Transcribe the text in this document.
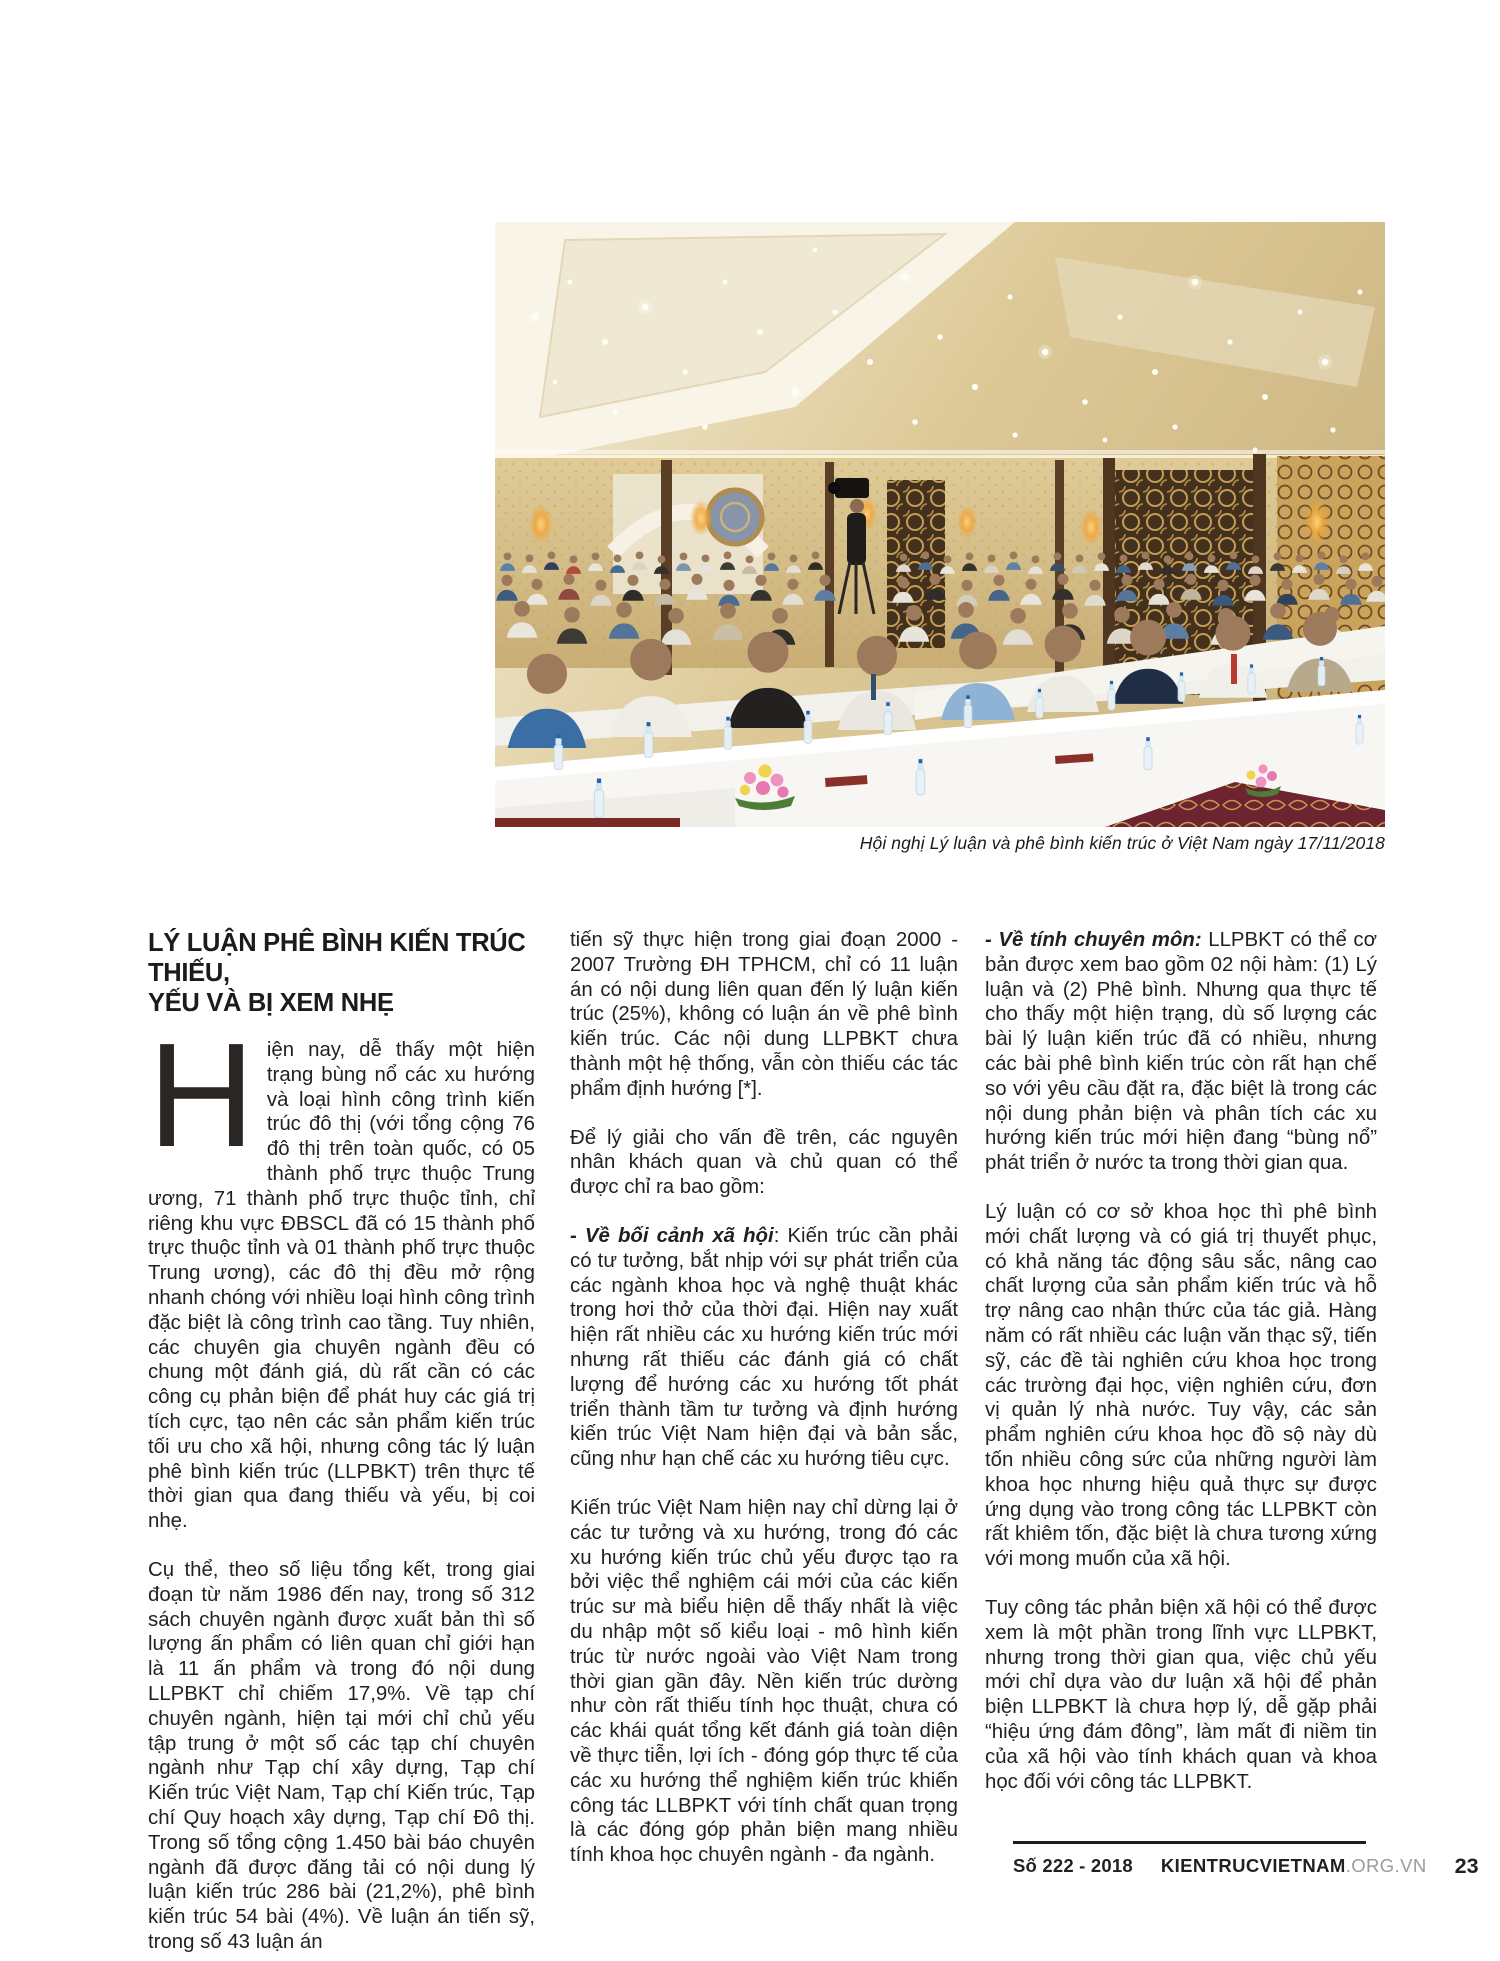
Hội nghị Lý luận và phê bình kiến trúc ở Việt Nam ngày 17/11/2018
LÝ LUẬN PHÊ BÌNH KIẾN TRÚC THIẾU,
YẾU VÀ BỊ XEM NHẸ

H iện nay, dễ thấy một hiện trạng bùng nổ các xu hướng và loại hình công trình kiến trúc đô thị (với tổng cộng 76 đô thị trên toàn quốc, có 05 thành phố trực thuộc Trung ương, 71 thành phố trực thuộc tỉnh, chỉ riêng khu vực ĐBSCL đã có 15 thành phố trực thuộc tỉnh và 01 thành phố trực thuộc Trung ương), các đô thị đều mở rộng nhanh chóng với nhiều loại hình công trình đặc biệt là công trình cao tầng. Tuy nhiên, các chuyên gia chuyên ngành đều có chung một đánh giá, dù rất cần có các công cụ phản biện để phát huy các giá trị tích cực, tạo nên các sản phẩm kiến trúc tối ưu cho xã hội, nhưng công tác lý luận phê bình kiến trúc (LLPBKT) trên thực tế thời gian qua đang thiếu và yếu, bị coi nhẹ.

Cụ thể, theo số liệu tổng kết, trong giai đoạn từ năm 1986 đến nay, trong số 312 sách chuyên ngành được xuất bản thì số lượng ấn phẩm có liên quan chỉ giới hạn là 11 ấn phẩm và trong đó nội dung LLPBKT chỉ chiếm 17,9%. Về tạp chí chuyên ngành, hiện tại mới chỉ chủ yếu tập trung ở một số các tạp chí chuyên ngành như Tạp chí xây dựng, Tạp chí Kiến trúc Việt Nam, Tạp chí Kiến trúc, Tạp chí Quy hoạch xây dựng, Tạp chí Đô thị. Trong số tổng cộng 1.450 bài báo chuyên ngành đã được đăng tải có nội dung lý luận kiến trúc 286 bài (21,2%), phê bình kiến trúc 54 bài (4%). Về luận án tiến sỹ, trong số 43 luận án

tiến sỹ thực hiện trong giai đoạn 2000 - 2007 Trường ĐH TPHCM, chỉ có 11 luận án có nội dung liên quan đến lý luận kiến trúc (25%), không có luận án về phê bình kiến trúc. Các nội dung LLPBKT chưa thành một hệ thống, vẫn còn thiếu các tác phẩm định hướng [*].

Để lý giải cho vấn đề trên, các nguyên nhân khách quan và chủ quan có thể được chỉ ra bao gồm:

- Về bối cảnh xã hội: Kiến trúc cần phải có tư tưởng, bắt nhịp với sự phát triển của các ngành khoa học và nghệ thuật khác trong hơi thở của thời đại. Hiện nay xuất hiện rất nhiều các xu hướng kiến trúc mới nhưng rất thiếu các đánh giá có chất lượng để hướng các xu hướng tốt phát triển thành tầm tư tưởng và định hướng kiến trúc Việt Nam hiện đại và bản sắc, cũng như hạn chế các xu hướng tiêu cực.

Kiến trúc Việt Nam hiện nay chỉ dừng lại ở các tư tưởng và xu hướng, trong đó các xu hướng kiến trúc chủ yếu được tạo ra bởi việc thể nghiệm cái mới của các kiến trúc sư mà biểu hiện dễ thấy nhất là việc du nhập một số kiểu loại - mô hình kiến trúc từ nước ngoài vào Việt Nam trong thời gian gần đây. Nền kiến trúc dường như còn rất thiếu tính học thuật, chưa có các khái quát tổng kết đánh giá toàn diện về thực tiễn, lợi ích - đóng góp thực tế của các xu hướng thể nghiệm kiến trúc khiến công tác LLBPKT với tính chất quan trọng là các đóng góp phản biện mang nhiều tính khoa học chuyên ngành - đa ngành.

- Về tính chuyên môn: LLPBKT có thể cơ bản được xem bao gồm 02 nội hàm: (1) Lý luận và (2) Phê bình. Nhưng qua thực tế cho thấy một hiện trạng, dù số lượng các bài lý luận kiến trúc đã có nhiều, nhưng các bài phê bình kiến trúc còn rất hạn chế so với yêu cầu đặt ra, đặc biệt là trong các nội dung phản biện và phân tích các xu hướng kiến trúc mới hiện đang “bùng nổ” phát triển ở nước ta trong thời gian qua.

Lý luận có cơ sở khoa học thì phê bình mới chất lượng và có giá trị thuyết phục, có khả năng tác động sâu sắc, nâng cao chất lượng của sản phẩm kiến trúc và hỗ trợ nâng cao nhận thức của tác giả. Hàng năm có rất nhiều các luận văn thạc sỹ, tiến sỹ, các đề tài nghiên cứu khoa học trong các trường đại học, viện nghiên cứu, đơn vị quản lý nhà nước. Tuy vậy, các sản phẩm nghiên cứu khoa học đồ sộ này dù tốn nhiều công sức của những người làm khoa học nhưng hiệu quả thực sự được ứng dụng vào trong công tác LLPBKT còn rất khiêm tốn, đặc biệt là chưa tương xứng với mong muốn của xã hội.

Tuy công tác phản biện xã hội có thể được xem là một phần trong lĩnh vực LLPBKT, nhưng trong thời gian qua, việc chủ yếu mới chỉ dựa vào dư luận xã hội để phản biện LLPBKT là chưa hợp lý, dễ gặp phải “hiệu ứng đám đông”, làm mất đi niềm tin của xã hội vào tính khách quan và khoa học đối với công tác LLPBKT.

Số 222 - 2018 KIENTRUCVIETNAM.ORG.VN 23
